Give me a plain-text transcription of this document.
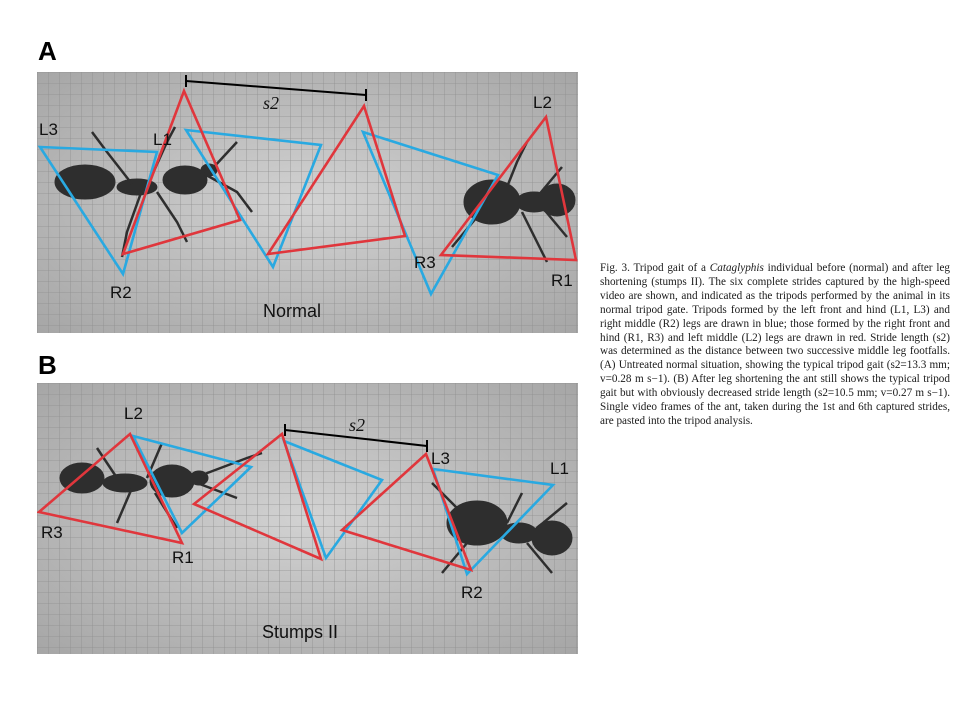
A
s2
L3
L1
R2
L2
R3
R1
Normal
B
s2
L2
R3
R1
L3
L1
R2
Stumps II

Fig. 3. Tripod gait of a Cataglyphis individual before (normal) and after leg shortening (stumps II). The six complete strides captured by the high-speed video are shown, and indicated as the tripods performed by the animal in its normal tripod gate. Tripods formed by the left front and hind (L1, L3) and right middle (R2) legs are drawn in blue; those formed by the right front and hind (R1, R3) and left middle (L2) legs are drawn in red. Stride length (s2) was determined as the distance between two successive middle leg footfalls. (A) Untreated normal situation, showing the typical tripod gait (s2=13.3 mm; v=0.28 m s−1). (B) After leg shortening the ant still shows the typical tripod gait but with obviously decreased stride length (s2=10.5 mm; v=0.27 m s−1). Single video frames of the ant, taken during the 1st and 6th captured strides, are pasted into the tripod analysis.
